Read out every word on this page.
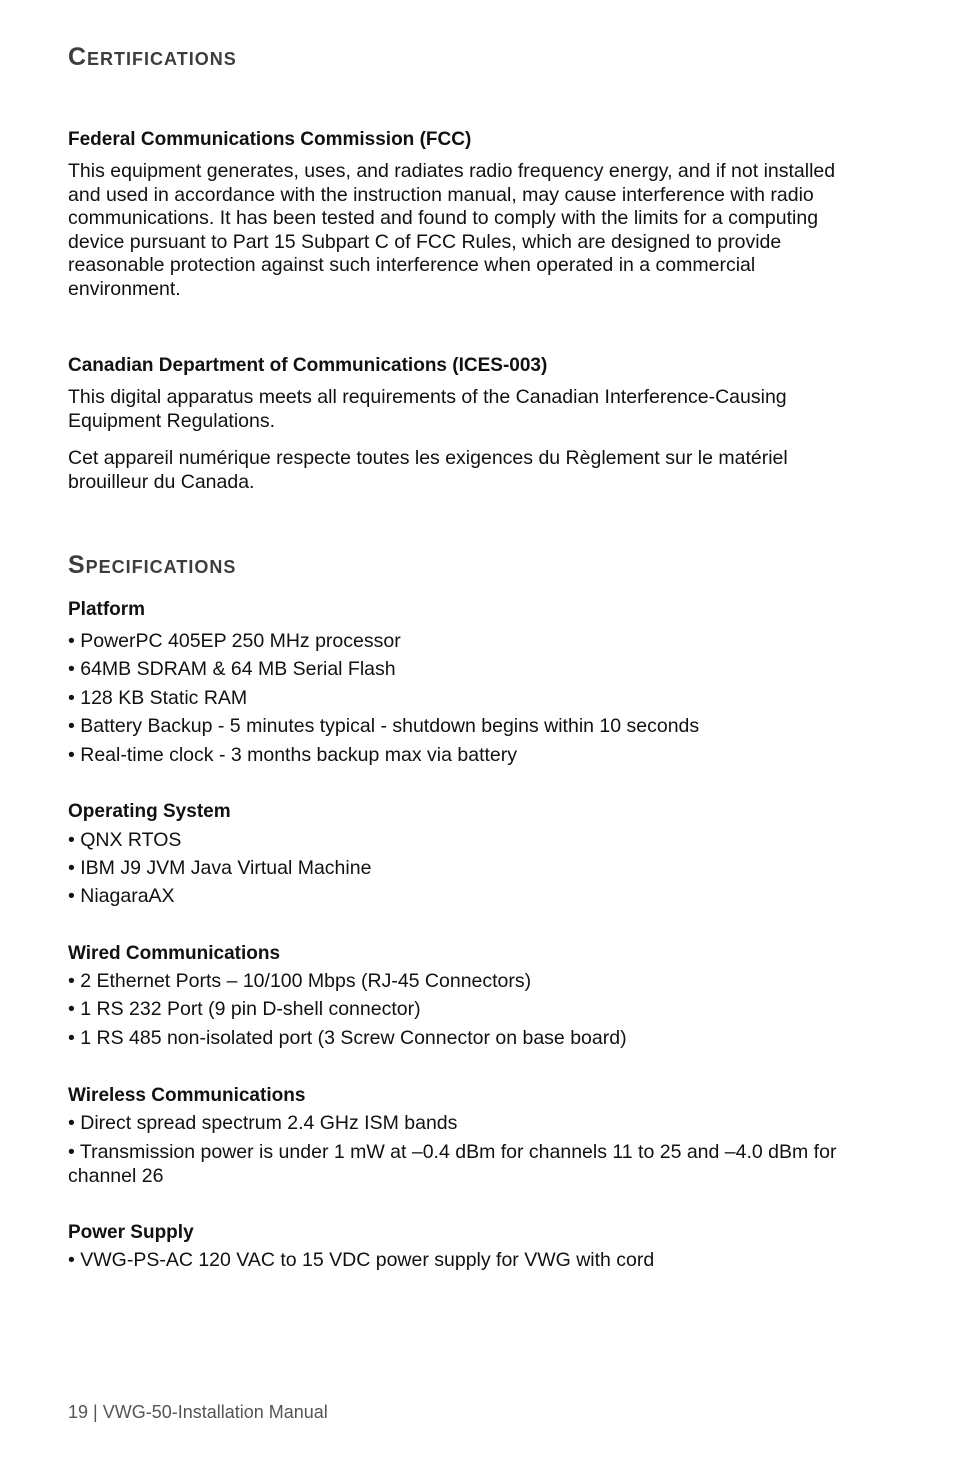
Certifications
Federal Communications Commission (FCC)

This equipment generates, uses, and radiates radio frequency energy, and if not installed

and used in accordance with the instruction manual, may cause interference with radio

communications. It has been tested and found to comply with the limits for a computing

device pursuant to Part 15 Subpart C of FCC Rules, which are designed to provide

reasonable protection against such interference when operated in a commercial

environment.

Canadian Department of Communications (ICES-003)

This digital apparatus meets all requirements of the Canadian Interference-Causing

Equipment Regulations.

Cet appareil numérique respecte toutes les exigences du Règlement sur le matériel

brouilleur du Canada.

Specifications
Platform
• PowerPC 405EP 250 MHz processor
• 64MB SDRAM & 64 MB Serial Flash
• 128 KB Static RAM
• Battery Backup - 5 minutes typical - shutdown begins within 10 seconds
• Real-time clock - 3 months backup max via battery
Operating System
• QNX RTOS
• IBM J9 JVM Java Virtual Machine
• NiagaraAX
Wired Communications
• 2 Ethernet Ports – 10/100 Mbps (RJ-45 Connectors)
• 1 RS 232 Port (9 pin D-shell connector)
• 1 RS 485 non-isolated port (3 Screw Connector on base board)
Wireless Communications
• Direct spread spectrum 2.4 GHz ISM bands

• Transmission power is under 1 mW at –0.4 dBm for channels 11 to 25 and –4.0 dBm for

channel 26

Power Supply
• VWG-PS-AC 120 VAC to 15 VDC power supply for VWG with cord
19 | VWG-50-Installation Manual
